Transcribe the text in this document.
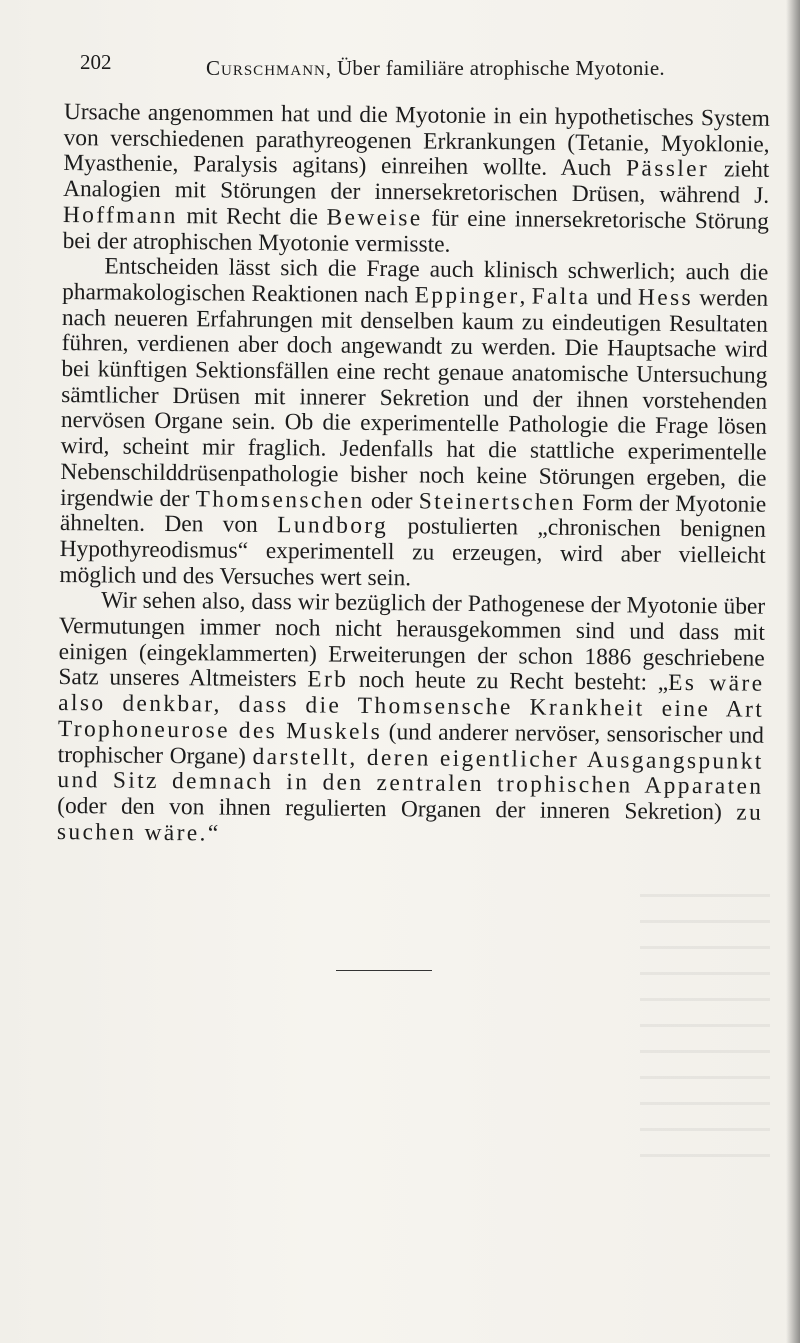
202	Curschmann, Über familiäre atrophische Myotonie.

Ursache angenommen hat und die Myotonie in ein hypothetisches System von verschiedenen parathyreogenen Erkrankungen (Tetanie, Myoklonie, Myasthenie, Paralysis agitans) einreihen wollte. Auch Pässler zieht Analogien mit Störungen der innersekretorischen Drüsen, während J. Hoffmann mit Recht die Beweise für eine innersekretorische Störung bei der atrophischen Myotonie vermisste.

Entscheiden lässt sich die Frage auch klinisch schwerlich; auch die pharmakologischen Reaktionen nach Eppinger, Falta und Hess werden nach neueren Erfahrungen mit denselben kaum zu eindeutigen Resultaten führen, verdienen aber doch angewandt zu werden. Die Hauptsache wird bei künftigen Sektionsfällen eine recht genaue anatomische Untersuchung sämtlicher Drüsen mit innerer Sekretion und der ihnen vorstehenden nervösen Organe sein. Ob die experimentelle Pathologie die Frage lösen wird, scheint mir fraglich. Jedenfalls hat die stattliche experimentelle Nebenschilddrüsenpathologie bisher noch keine Störungen ergeben, die irgendwie der Thomsenschen oder Steinertschen Form der Myotonie ähnelten. Den von Lundborg postulierten „chronischen benignen Hypothyreodismus“ experimentell zu erzeugen, wird aber vielleicht möglich und des Versuches wert sein.

Wir sehen also, dass wir bezüglich der Pathogenese der Myotonie über Vermutungen immer noch nicht herausgekommen sind und dass mit einigen (eingeklammerten) Erweiterungen der schon 1886 geschriebene Satz unseres Altmeisters Erb noch heute zu Recht besteht: „Es wäre also denkbar, dass die Thomsensche Krankheit eine Art Trophoneurose des Muskels (und anderer nervöser, sensorischer und trophischer Organe) darstellt, deren eigentlicher Ausgangspunkt und Sitz demnach in den zentralen trophischen Apparaten (oder den von ihnen regulierten Organen der inneren Sekretion) zu suchen wäre.“
